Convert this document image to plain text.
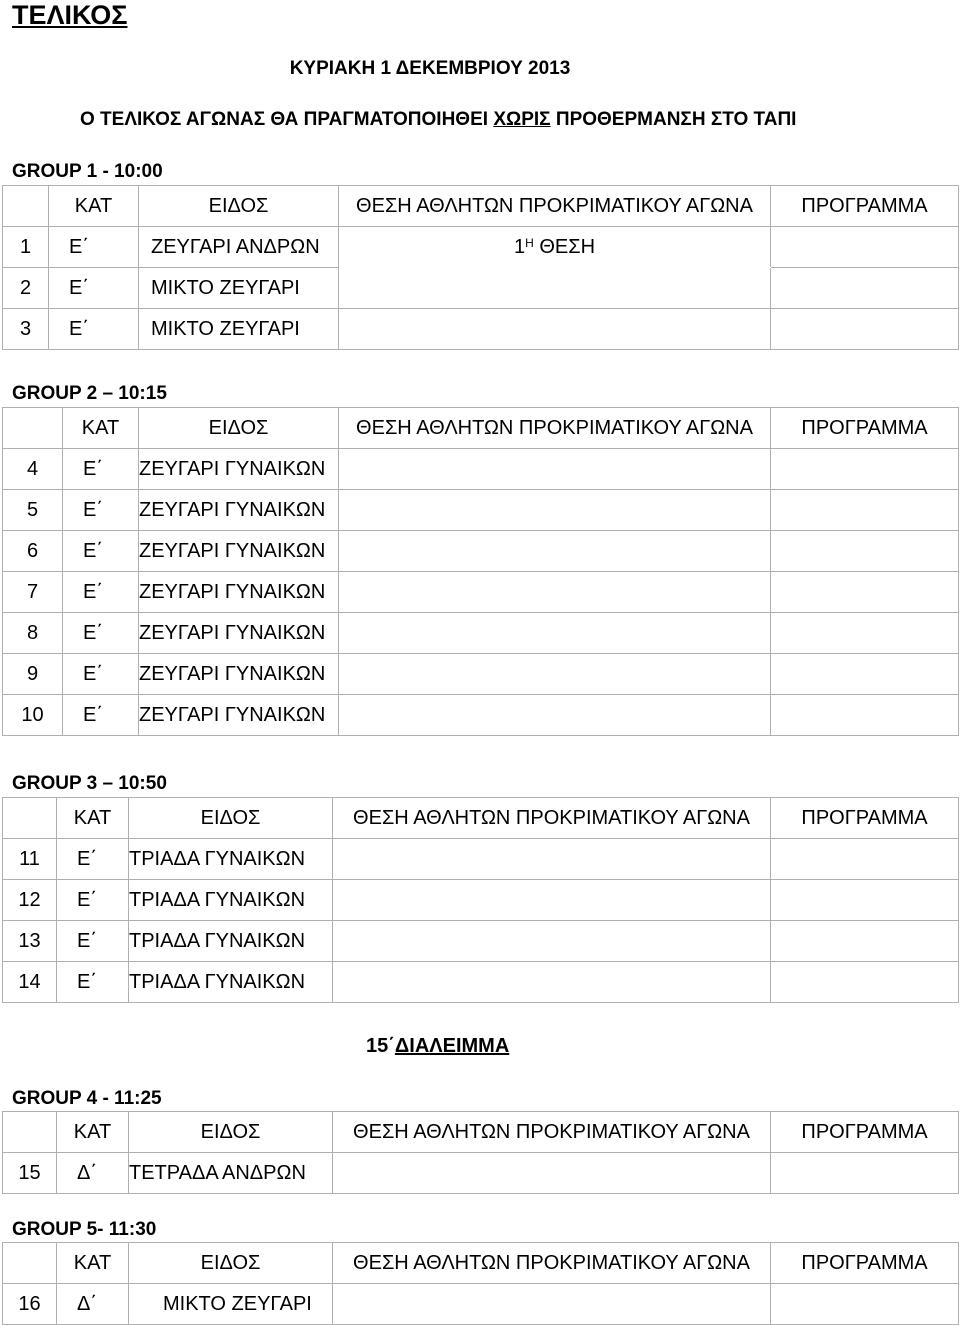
ΤΕΛΙΚΟΣ
ΚΥΡΙΑΚΗ 1 ΔΕΚΕΜΒΡΙΟΥ 2013
Ο ΤΕΛΙΚΟΣ ΑΓΩΝΑΣ ΘΑ ΠΡΑΓΜΑΤΟΠΟΙΗΘΕΙ ΧΩΡΙΣ ΠΡΟΘΕΡΜΑΝΣΗ ΣΤΟ ΤΑΠΙ
GROUP 1 - 10:00
	ΚΑΤ	ΕΙΔΟΣ	ΘΕΣΗ ΑΘΛΗΤΩΝ ΠΡΟΚΡΙΜΑΤΙΚΟΥ ΑΓΩΝΑ	ΠΡΟΓΡΑΜΜΑ
1	Ε΄	ΖΕΥΓΑΡΙ ΑΝΔΡΩΝ	$1^H$ ΘΕΣΗ	
2	Ε΄	ΜΙΚΤΟ ΖΕΥΓΑΡΙ		
3	Ε΄	ΜΙΚΤΟ ΖΕΥΓΑΡΙ		
GROUP 2 – 10:15
	ΚΑΤ	ΕΙΔΟΣ	ΘΕΣΗ ΑΘΛΗΤΩΝ ΠΡΟΚΡΙΜΑΤΙΚΟΥ ΑΓΩΝΑ	ΠΡΟΓΡΑΜΜΑ
4	Ε΄	ΖΕΥΓΑΡΙ ΓΥΝΑΙΚΩΝ		
5	Ε΄	ΖΕΥΓΑΡΙ ΓΥΝΑΙΚΩΝ		
6	Ε΄	ΖΕΥΓΑΡΙ ΓΥΝΑΙΚΩΝ		
7	Ε΄	ΖΕΥΓΑΡΙ ΓΥΝΑΙΚΩΝ		
8	Ε΄	ΖΕΥΓΑΡΙ ΓΥΝΑΙΚΩΝ		
9	Ε΄	ΖΕΥΓΑΡΙ ΓΥΝΑΙΚΩΝ		
10	Ε΄	ΖΕΥΓΑΡΙ ΓΥΝΑΙΚΩΝ		
GROUP 3 – 10:50
	ΚΑΤ	ΕΙΔΟΣ	ΘΕΣΗ ΑΘΛΗΤΩΝ ΠΡΟΚΡΙΜΑΤΙΚΟΥ ΑΓΩΝΑ	ΠΡΟΓΡΑΜΜΑ
11	Ε΄	ΤΡΙΑΔΑ ΓΥΝΑΙΚΩΝ		
12	Ε΄	ΤΡΙΑΔΑ ΓΥΝΑΙΚΩΝ		
13	Ε΄	ΤΡΙΑΔΑ ΓΥΝΑΙΚΩΝ		
14	Ε΄	ΤΡΙΑΔΑ ΓΥΝΑΙΚΩΝ		
15΄ΔΙΑΛΕΙΜΜΑ
GROUP 4 - 11:25
	ΚΑΤ	ΕΙΔΟΣ	ΘΕΣΗ ΑΘΛΗΤΩΝ ΠΡΟΚΡΙΜΑΤΙΚΟΥ ΑΓΩΝΑ	ΠΡΟΓΡΑΜΜΑ
15	Δ΄	ΤΕΤΡΑΔΑ ΑΝΔΡΩΝ		
GROUP 5- 11:30
	ΚΑΤ	ΕΙΔΟΣ	ΘΕΣΗ ΑΘΛΗΤΩΝ ΠΡΟΚΡΙΜΑΤΙΚΟΥ ΑΓΩΝΑ	ΠΡΟΓΡΑΜΜΑ
16	Δ΄	ΜΙΚΤΟ ΖΕΥΓΑΡΙ		
